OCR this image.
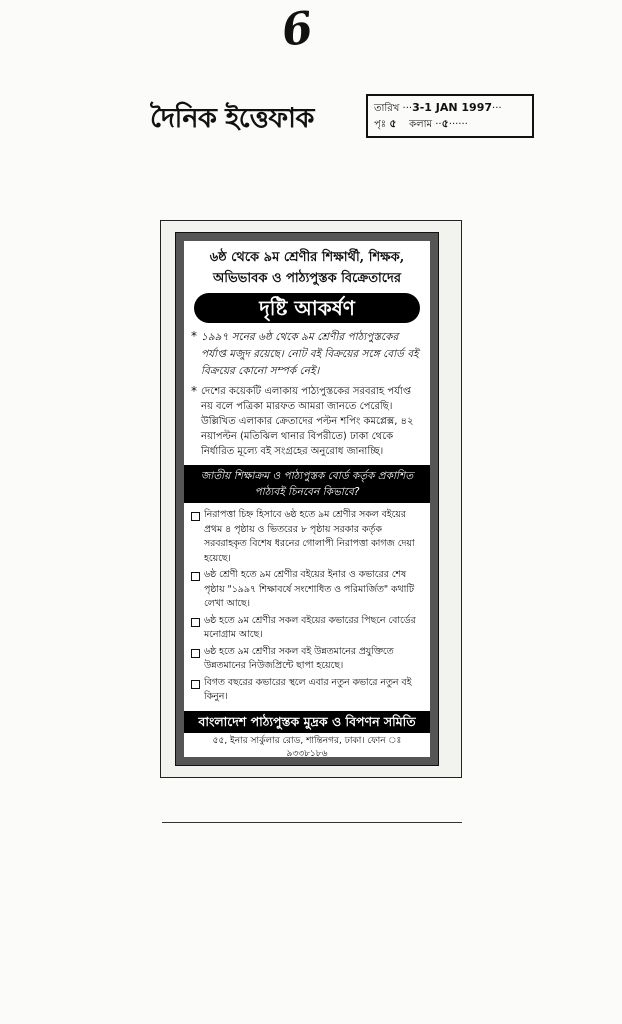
6
দৈনিক ইত্তেফাক	তারিখ ···3-1 JAN 1997···
পৃঃ ৫ কলাম ··৫······
৬ষ্ঠ থেকে ৯ম শ্রেণীর শিক্ষার্থী, শিক্ষক,
অভিভাবক ও পাঠ্যপুস্তক বিক্রেতাদের
দৃষ্টি আকর্ষণ
* ১৯৯৭ সনের ৬ষ্ঠ থেকে ৯ম শ্রেণীর পাঠ্যপুস্তকের পর্যাপ্ত মজুদ রয়েছে। নোট বই বিক্রয়ের সঙ্গে বোর্ড বই বিক্রয়ের কোনো সম্পর্ক নেই।
* দেশের কয়েকটি এলাকায় পাঠ্যপুস্তকের সরবরাহ পর্যাপ্ত নয় বলে পত্রিকা মারফত আমরা জানতে পেরেছি। উল্লিখিত এলাকার ক্রেতাদের পল্টন শপিং কমপ্লেক্স, ৪২ নয়াপল্টন (মতিঝিল থানার বিপরীতে) ঢাকা থেকে নির্ধারিত মূল্যে বই সংগ্রহের অনুরোধ জানাচ্ছি।
জাতীয় শিক্ষাক্রম ও পাঠ্যপুস্তক বোর্ড কর্তৃক প্রকাশিত পাঠ্যবই চিনবেন কিভাবে?
নিরাপত্তা চিহ্ন হিসাবে ৬ষ্ঠ হতে ৯ম শ্রেণীর সকল বইয়ের প্রথম ৪ পৃষ্ঠায় ও ভিতরের ৮ পৃষ্ঠায় সরকার কর্তৃক সরবরাহকৃত বিশেষ ধরনের গোলাপী নিরাপত্তা কাগজ দেয়া হয়েছে।
৬ষ্ঠ শ্রেণী হতে ৯ম শ্রেণীর বইয়ের ইনার ও কভারের শেষ পৃষ্ঠায় "১৯৯৭ শিক্ষাবর্ষে সংশোধিত ও পরিমার্জিত" কথাটি লেখা আছে।
৬ষ্ঠ হতে ৯ম শ্রেণীর সকল বইয়ের কভারের পিছনে বোর্ডের মনোগ্রাম আছে।
৬ষ্ঠ হতে ৯ম শ্রেণীর সকল বই উন্নতমানের প্রযুক্তিতে উন্নতমানের নিউজপ্রিন্টে ছাপা হয়েছে।
বিগত বছরের কভারের স্থলে এবার নতুন কভারে নতুন বই কিনুন।
বাংলাদেশ পাঠ্যপুস্তক মুদ্রক ও বিপণন সমিতি
৫৫, ইনার সার্কুলার রোড, শান্তিনগর, ঢাকা। ফোন ঃ ৯৩৩৮১৮৬
